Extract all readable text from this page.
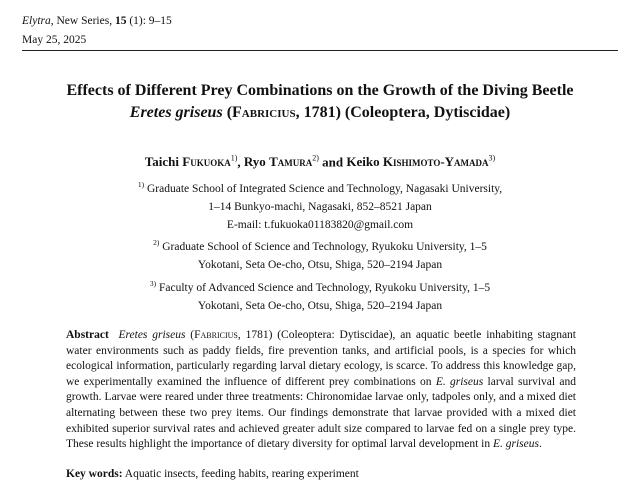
Elytra, New Series, 15 (1): 9–15
May 25, 2025
Effects of Different Prey Combinations on the Growth of the Diving Beetle
Eretes griseus (Fabricius, 1781) (Coleoptera, Dytiscidae)
Taichi Fukuoka$^{1)}$, Ryo Tamura$^{2)}$ and Keiko Kishimoto-Yamada$^{3)}$
$^{1)}$ Graduate School of Integrated Science and Technology, Nagasaki University,
1–14 Bunkyo-machi, Nagasaki, 852–8521 Japan
E-mail: t.fukuoka01183820@gmail.com
$^{2)}$ Graduate School of Science and Technology, Ryukoku University, 1–5
Yokotani, Seta Oe-cho, Otsu, Shiga, 520–2194 Japan
$^{3)}$ Faculty of Advanced Science and Technology, Ryukoku University, 1–5
Yokotani, Seta Oe-cho, Otsu, Shiga, 520–2194 Japan

Abstract Eretes griseus (Fabricius, 1781) (Coleoptera: Dytiscidae), an aquatic beetle inhabiting stagnant water environments such as paddy fields, fire prevention tanks, and artificial pools, is a species for which ecological information, particularly regarding larval dietary ecology, is scarce. To address this knowledge gap, we experimentally examined the influence of different prey combinations on E. griseus larval survival and growth. Larvae were reared under three treatments: Chironomidae larvae only, tadpoles only, and a mixed diet alternating between these two prey items. Our findings demonstrate that larvae provided with a mixed diet exhibited superior survival rates and achieved greater adult size compared to larvae fed on a single prey type. These results highlight the importance of dietary diversity for optimal larval development in E. griseus.

Key words: Aquatic insects, feeding habits, rearing experiment
